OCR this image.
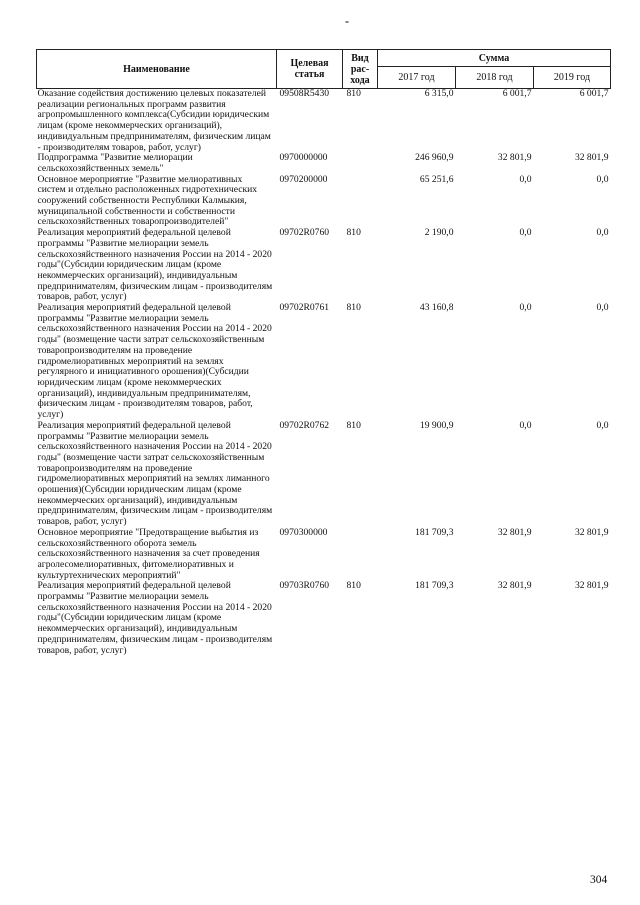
-
Наименование	Целевая статья	Вид рас-хода	Сумма		
			2017 год	2018 год	2019 год
Оказание содействия достижению целевых показателей реализации региональных программ развития агропромышленного комплекса(Субсидии юридическим лицам (кроме некоммерческих организаций), индивидуальным предпринимателям, физическим лицам - производителям товаров, работ, услуг)	09508R5430	810	6 315,0	6 001,7	6 001,7
Подпрограмма "Развитие мелиорации сельскохозяйственных земель"	0970000000		246 960,9	32 801,9	32 801,9
Основное мероприятие "Развитие мелиоративных систем и отдельно расположенных гидротехнических сооружений собственности Республики Калмыкия, муниципальной собственности и собственности сельскохозяйственных товаропроизводителей"	0970200000		65 251,6	0,0	0,0
Реализация мероприятий федеральной целевой программы "Развитие мелиорации земель сельскохозяйственного назначения России на 2014 - 2020 годы"(Субсидии юридическим лицам (кроме некоммерческих организаций), индивидуальным предпринимателям, физическим лицам - производителям товаров, работ, услуг)	09702R0760	810	2 190,0	0,0	0,0
Реализация мероприятий федеральной целевой программы "Развитие мелиорации земель сельскохозяйственного назначения России на 2014 - 2020 годы" (возмещение части затрат сельскохозяйственным товаропроизводителям на проведение гидромелиоративных мероприятий на землях регулярного и инициативного орошения)(Субсидии юридическим лицам (кроме некоммерческих организаций), индивидуальным предпринимателям, физическим лицам - производителям товаров, работ, услуг)	09702R0761	810	43 160,8	0,0	0,0
Реализация мероприятий федеральной целевой программы "Развитие мелиорации земель сельскохозяйственного назначения России на 2014 - 2020 годы" (возмещение части затрат сельскохозяйственным товаропроизводителям на проведение гидромелиоративных мероприятий на землях лиманного орошения)(Субсидии юридическим лицам (кроме некоммерческих организаций), индивидуальным предпринимателям, физическим лицам - производителям товаров, работ, услуг)	09702R0762	810	19 900,9	0,0	0,0
Основное мероприятие "Предотвращение выбытия из сельскохозяйственного оборота земель сельскохозяйственного назначения за счет проведения агролесомелиоративных, фитомелиоративных и культуртехнических мероприятий"	0970300000		181 709,3	32 801,9	32 801,9
Реализация мероприятий федеральной целевой программы "Развитие мелиорации земель сельскохозяйственного назначения России на 2014 - 2020 годы"(Субсидии юридическим лицам (кроме некоммерческих организаций), индивидуальным предпринимателям, физическим лицам - производителям товаров, работ, услуг)	09703R0760	810	181 709,3	32 801,9	32 801,9
304
